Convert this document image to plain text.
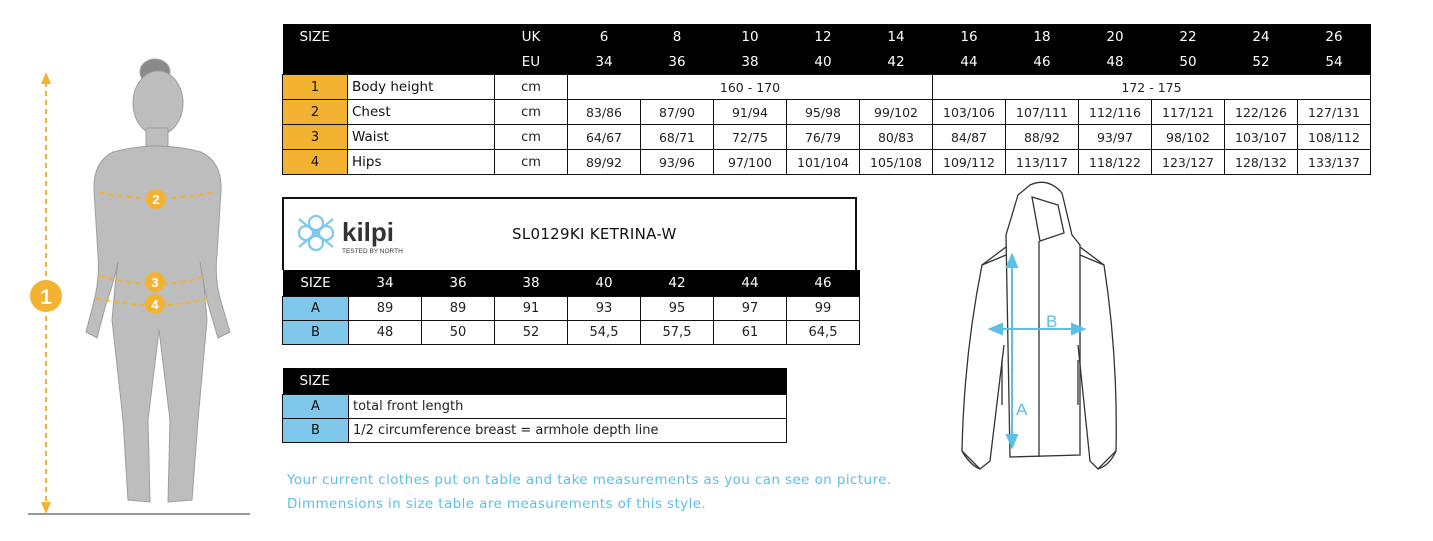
1
2
3
4
SIZE		UK	6	8	10	12	14	16	18	20	22	24	26
		EU	34	36	38	40	42	44	46	48	50	52	54
1	Body height	cm	160 - 170					172 - 175					
2	Chest	cm	83/86	87/90	91/94	95/98	99/102	103/106	107/111	112/116	117/121	122/126	127/131
3	Waist	cm	64/67	68/71	72/75	76/79	80/83	84/87	88/92	93/97	98/102	103/107	108/112
4	Hips	cm	89/92	93/96	97/100	101/104	105/108	109/112	113/117	118/122	123/127	128/132	133/137
kilpi
TESTED BY NORTH
SL0129KI KETRINA-W
SIZE	34	36	38	40	42	44	46
A	89	89	91	93	95	97	99
B	48	50	52	54,5	57,5	61	64,5
SIZE	
A	total front length
B	1/2 circumference breast = armhole depth line
A
B
Your current clothes put on table and take measurements as you can see on picture.
Dimmensions in size table are measurements of this style.
